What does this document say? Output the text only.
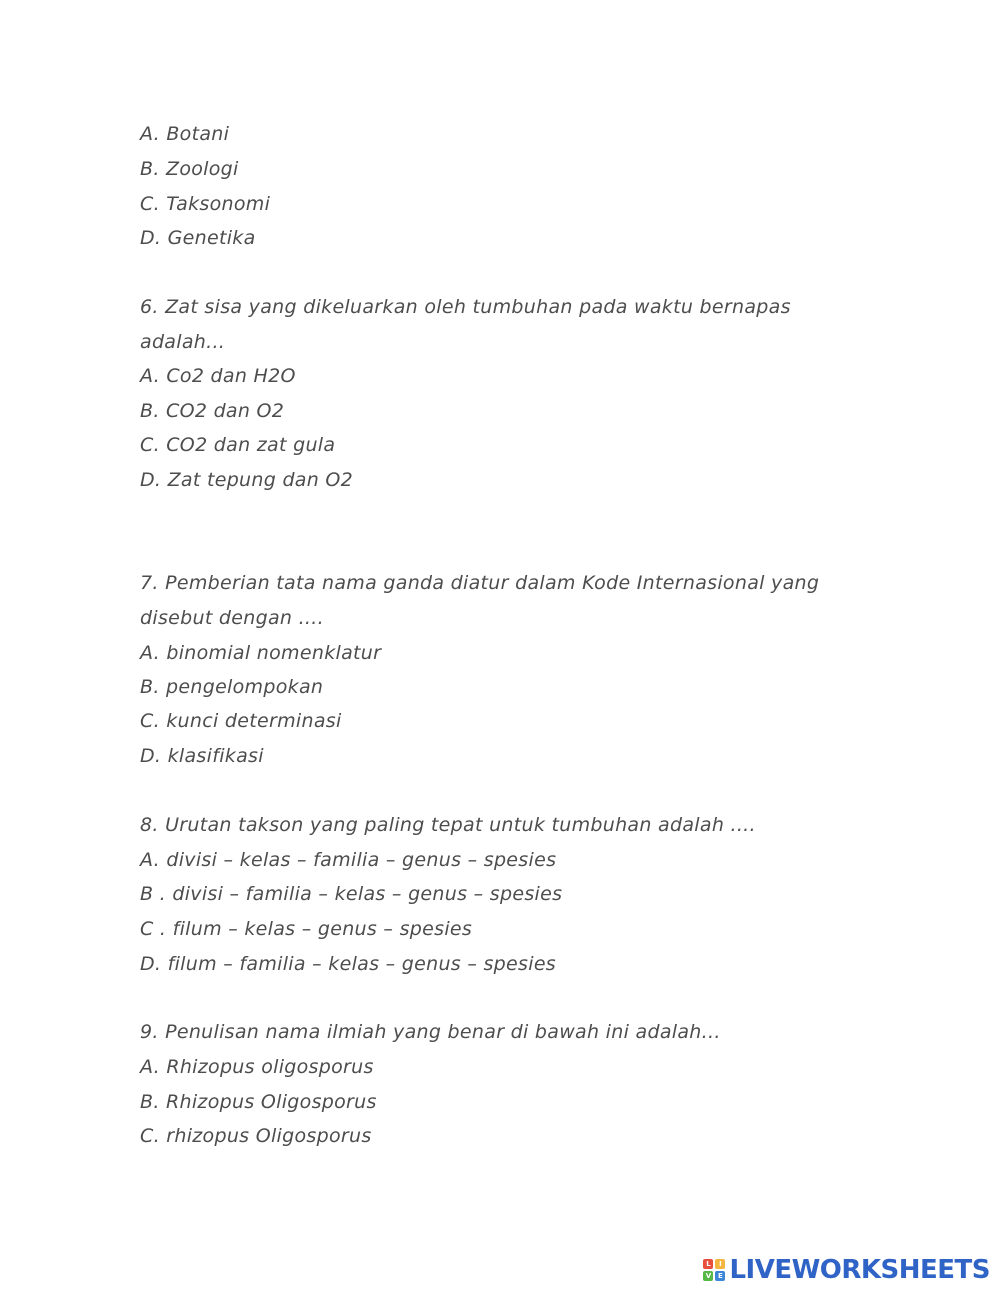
A. Botani
B. Zoologi
C. Taksonomi
D. Genetika
6. Zat sisa yang dikeluarkan oleh tumbuhan pada waktu bernapas
adalah...
A. Co2 dan H2O
B. CO2 dan O2
C. CO2 dan zat gula
D. Zat tepung dan O2
7. Pemberian tata nama ganda diatur dalam Kode Internasional yang
disebut dengan ....
A. binomial nomenklatur
B. pengelompokan
C. kunci determinasi
D. klasifikasi
8. Urutan takson yang paling tepat untuk tumbuhan adalah ....
A. divisi – kelas – familia – genus – spesies
B . divisi – familia – kelas – genus – spesies
C . filum – kelas – genus – spesies
D. filum – familia – kelas – genus – spesies
9. Penulisan nama ilmiah yang benar di bawah ini adalah...
A. Rhizopus oligosporus
B. Rhizopus Oligosporus
C. rhizopus Oligosporus
L	I
V E LIVEWORKSHEETS
